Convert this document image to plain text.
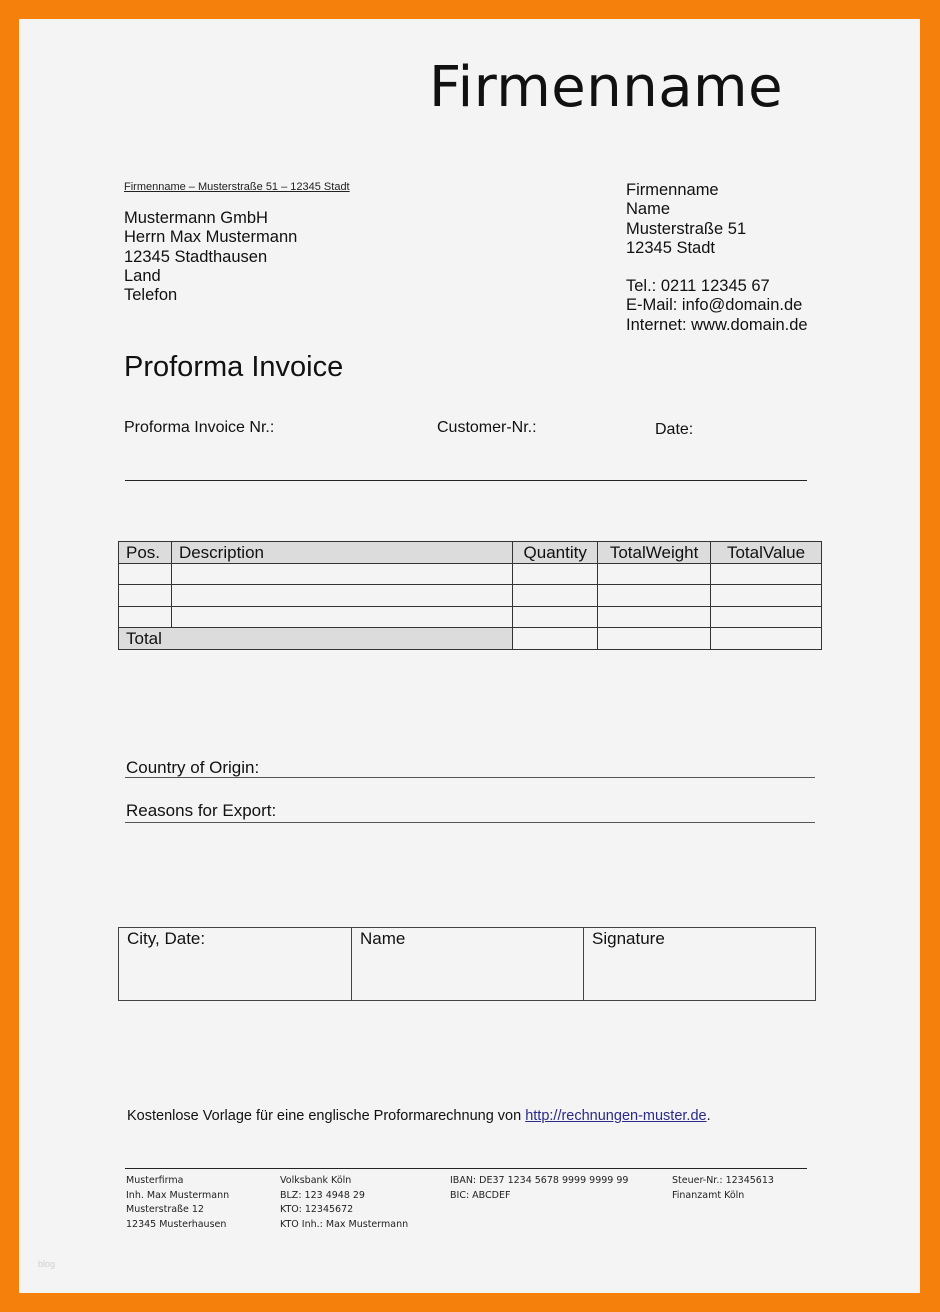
Firmenname
Firmenname – Musterstraße 51 – 12345 Stadt
Mustermann GmbH
Herrn Max Mustermann
12345 Stadthausen
Land
Telefon
Firmenname
Name
Musterstraße 51
12345 Stadt
Tel.: 0211 12345 67
E-Mail: info@domain.de
Internet: www.domain.de
Proforma Invoice
Proforma Invoice Nr.:	Customer-Nr.:	Date:
Pos.	Description	Quantity	TotalWeight	TotalValue

Total				
Country of Origin:
Reasons for Export:
City, Date:	Name	Signature
Kostenlose Vorlage für eine englische Proformarechnung von http://rechnungen-muster.de.
Musterfirma
Inh. Max Mustermann
Musterstraße 12
12345 Musterhausen
Volksbank Köln
BLZ: 123 4948 29
KTO: 12345672
KTO Inh.: Max Mustermann
IBAN: DE37 1234 5678 9999 9999 99
BIC: ABCDEF
Steuer-Nr.: 12345613
Finanzamt Köln
blog
